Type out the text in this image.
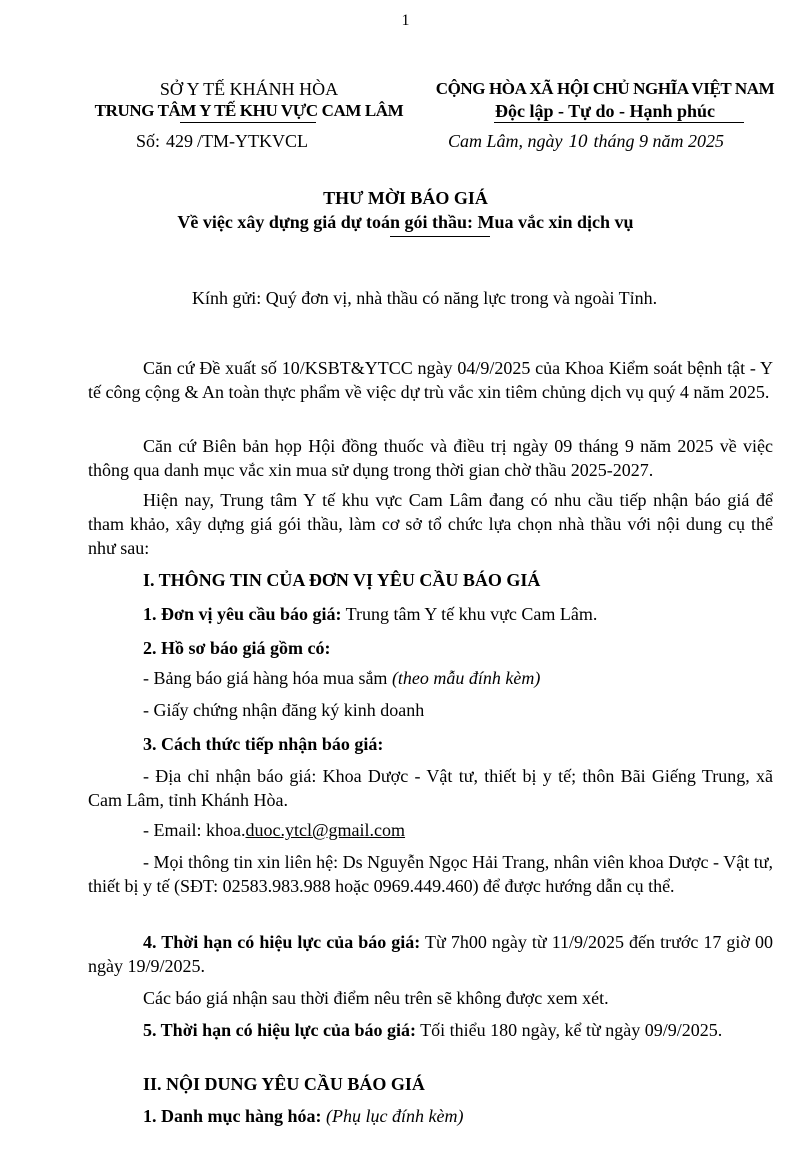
1
SỞ Y TẾ KHÁNH HÒA
TRUNG TÂM Y TẾ KHU VỰC CAM LÂM
CỘNG HÒA XÃ HỘI CHỦ NGHĨA VIỆT NAM
Độc lập - Tự do - Hạnh phúc
Số: 429 /TM-YTKVCL	Cam Lâm, ngày 10 tháng 9 năm 2025
THƯ MỜI BÁO GIÁ
Về việc xây dựng giá dự toán gói thầu: Mua vắc xin dịch vụ
Kính gửi: Quý đơn vị, nhà thầu có năng lực trong và ngoài Tỉnh.
Căn cứ Đề xuất số 10/KSBT&YTCC ngày 04/9/2025 của Khoa Kiểm soát bệnh tật - Y tế công cộng & An toàn thực phẩm về việc dự trù vắc xin tiêm chủng dịch vụ quý 4 năm 2025.
Căn cứ Biên bản họp Hội đồng thuốc và điều trị ngày 09 tháng 9 năm 2025 về việc thông qua danh mục vắc xin mua sử dụng trong thời gian chờ thầu 2025-2027.
Hiện nay, Trung tâm Y tế khu vực Cam Lâm đang có nhu cầu tiếp nhận báo giá để tham khảo, xây dựng giá gói thầu, làm cơ sở tổ chức lựa chọn nhà thầu với nội dung cụ thể như sau:
I. THÔNG TIN CỦA ĐƠN VỊ YÊU CẦU BÁO GIÁ
1. Đơn vị yêu cầu báo giá: Trung tâm Y tế khu vực Cam Lâm.
2. Hồ sơ báo giá gồm có:
- Bảng báo giá hàng hóa mua sắm (theo mẫu đính kèm)
- Giấy chứng nhận đăng ký kinh doanh
3. Cách thức tiếp nhận báo giá:
- Địa chỉ nhận báo giá: Khoa Dược - Vật tư, thiết bị y tế; thôn Bãi Giếng Trung, xã Cam Lâm, tỉnh Khánh Hòa.
- Email: khoa.duoc.ytcl@gmail.com
- Mọi thông tin xin liên hệ: Ds Nguyễn Ngọc Hải Trang, nhân viên khoa Dược - Vật tư, thiết bị y tế (SĐT: 02583.983.988 hoặc 0969.449.460) để được hướng dẫn cụ thể.
4. Thời hạn có hiệu lực của báo giá: Từ 7h00 ngày từ 11/9/2025 đến trước 17 giờ 00 ngày 19/9/2025.
Các báo giá nhận sau thời điểm nêu trên sẽ không được xem xét.
5. Thời hạn có hiệu lực của báo giá: Tối thiểu 180 ngày, kể từ ngày 09/9/2025.
II. NỘI DUNG YÊU CẦU BÁO GIÁ
1. Danh mục hàng hóa: (Phụ lục đính kèm)
